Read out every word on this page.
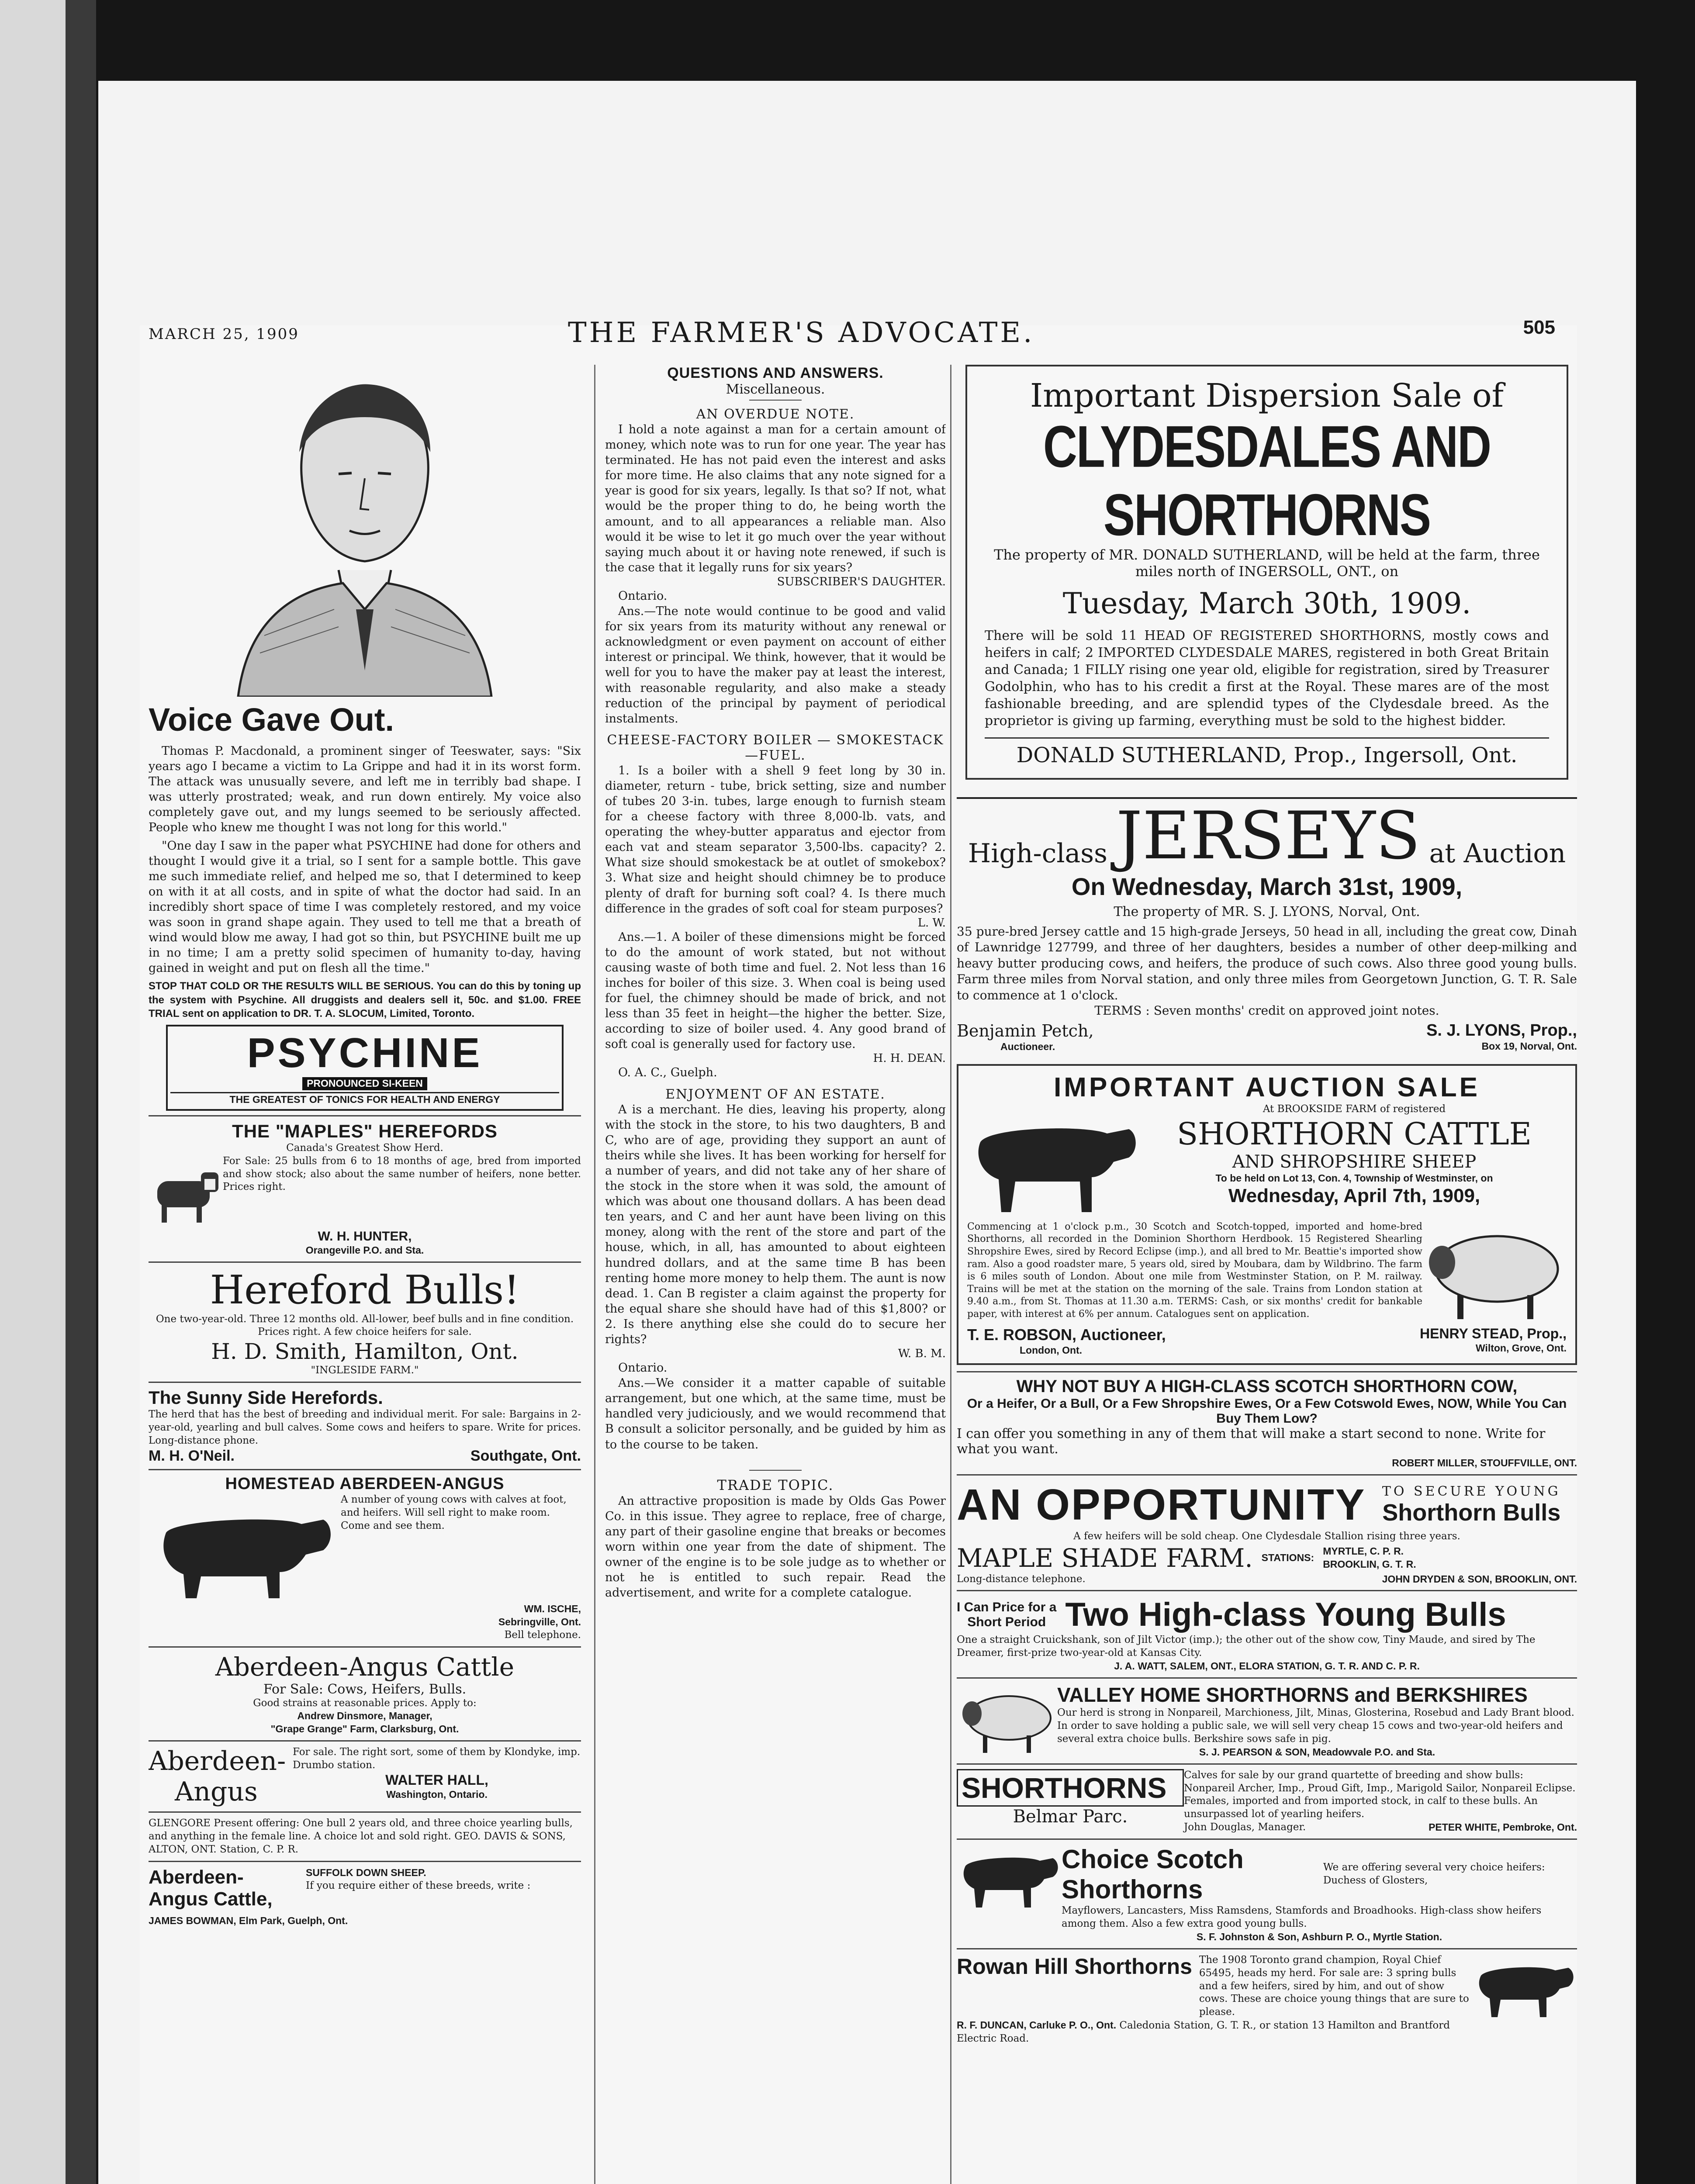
MARCH 25, 1909	THE FARMER'S ADVOCATE.	505
Voice Gave Out.

Thomas P. Macdonald, a prominent singer of Teeswater, says: "Six years ago I became a victim to La Grippe and had it in its worst form. The attack was unusually severe, and left me in terribly bad shape. I was utterly prostrated; weak, and run down entirely. My voice also completely gave out, and my lungs seemed to be seriously affected. People who knew me thought I was not long for this world."

"One day I saw in the paper what PSYCHINE had done for others and thought I would give it a trial, so I sent for a sample bottle. This gave me such immediate relief, and helped me so, that I determined to keep on with it at all costs, and in spite of what the doctor had said. In an incredibly short space of time I was completely restored, and my voice was soon in grand shape again. They used to tell me that a breath of wind would blow me away, I had got so thin, but PSYCHINE built me up in no time; I am a pretty solid specimen of humanity to-day, having gained in weight and put on flesh all the time."

STOP THAT COLD OR THE RESULTS WILL BE SERIOUS. You can do this by toning up the system with Psychine. All druggists and dealers sell it, 50c. and $1.00. FREE TRIAL sent on application to DR. T. A. SLOCUM, Limited, Toronto.

PSYCHINE
PRONOUNCED SI-KEEN
THE GREATEST OF TONICS FOR HEALTH AND ENERGY
THE "MAPLES" HEREFORDS
Canada's Greatest Show Herd.
For Sale: 25 bulls from 6 to 18 months of age, bred from imported and show stock; also about the same number of heifers, none better. Prices right.
W. H. HUNTER,
Orangeville P.O. and Sta.
Hereford Bulls!
One two-year-old. Three 12 months old. All-lower, beef bulls and in fine condition. Prices right. A few choice heifers for sale.
H. D. Smith, Hamilton, Ont.
"INGLESIDE FARM."
The Sunny Side Herefords.
The herd that has the best of breeding and individual merit. For sale: Bargains in 2-year-old, yearling and bull calves. Some cows and heifers to spare. Write for prices. Long-distance phone.
M. H. O'Neil.	Southgate, Ont.
HOMESTEAD ABERDEEN-ANGUS
A number of young cows with calves at foot, and heifers. Will sell right to make room. Come and see them.
WM. ISCHE,
Sebringville, Ont.
Bell telephone.
Aberdeen-Angus Cattle
For Sale: Cows, Heifers, Bulls.
Good strains at reasonable prices. Apply to:
Andrew Dinsmore, Manager,
"Grape Grange" Farm, Clarksburg, Ont.
Aberdeen-
Angus
For sale. The right sort, some of them by Klondyke, imp. Drumbo station.
WALTER HALL,
Washington, Ontario.
GLENGORE Present offering: One bull 2 years old, and three choice yearling bulls, and anything in the female line. A choice lot and sold right. GEO. DAVIS & SONS, ALTON, ONT. Station, C. P. R.
Aberdeen-
Angus Cattle,
SUFFOLK DOWN SHEEP.
If you require either of these breeds, write :
JAMES BOWMAN, Elm Park, Guelph, Ont.
QUESTIONS AND ANSWERS.
Miscellaneous.
AN OVERDUE NOTE.

I hold a note against a man for a certain amount of money, which note was to run for one year. The year has terminated. He has not paid even the interest and asks for more time. He also claims that any note signed for a year is good for six years, legally. Is that so? If not, what would be the proper thing to do, he being worth the amount, and to all appearances a reliable man. Also would it be wise to let it go much over the year without saying much about it or having note renewed, if such is the case that it legally runs for six years?

SUBSCRIBER'S DAUGHTER.
Ontario.

Ans.—The note would continue to be good and valid for six years from its maturity without any renewal or acknowledgment or even payment on account of either interest or principal. We think, however, that it would be well for you to have the maker pay at least the interest, with reasonable regularity, and also make a steady reduction of the principal by payment of periodical instalments.

CHEESE-FACTORY BOILER — SMOKESTACK—FUEL.

1. Is a boiler with a shell 9 feet long by 30 in. diameter, return - tube, brick setting, size and number of tubes 20 3-in. tubes, large enough to furnish steam for a cheese factory with three 8,000-lb. vats, and operating the whey-butter apparatus and ejector from each vat and steam separator 3,500-lbs. capacity? 2. What size should smokestack be at outlet of smokebox? 3. What size and height should chimney be to produce plenty of draft for burning soft coal? 4. Is there much difference in the grades of soft coal for steam purposes?

L. W.

Ans.—1. A boiler of these dimensions might be forced to do the amount of work stated, but not without causing waste of both time and fuel. 2. Not less than 16 inches for boiler of this size. 3. When coal is being used for fuel, the chimney should be made of brick, and not less than 35 feet in height—the higher the better. Size, according to size of boiler used. 4. Any good brand of soft coal is generally used for factory use.

H. H. DEAN.
O. A. C., Guelph.
ENJOYMENT OF AN ESTATE.

A is a merchant. He dies, leaving his property, along with the stock in the store, to his two daughters, B and C, who are of age, providing they support an aunt of theirs while she lives. It has been working for herself for a number of years, and did not take any of her share of the stock in the store when it was sold, the amount of which was about one thousand dollars. A has been dead ten years, and C and her aunt have been living on this money, along with the rent of the store and part of the house, which, in all, has amounted to about eighteen hundred dollars, and at the same time B has been renting home more money to help them. The aunt is now dead. 1. Can B register a claim against the property for the equal share she should have had of this $1,800? or 2. Is there anything else she could do to secure her rights?

W. B. M.
Ontario.

Ans.—We consider it a matter capable of suitable arrangement, but one which, at the same time, must be handled very judiciously, and we would recommend that B consult a solicitor personally, and be guided by him as to the course to be taken.

TRADE TOPIC.

An attractive proposition is made by Olds Gas Power Co. in this issue. They agree to replace, free of charge, any part of their gasoline engine that breaks or becomes worn within one year from the date of shipment. The owner of the engine is to be sole judge as to whether or not he is entitled to such repair. Read the advertisement, and write for a complete catalogue.

Important Dispersion Sale of
CLYDESDALES AND SHORTHORNS
The property of MR. DONALD SUTHERLAND, will be held at the farm, three miles north of INGERSOLL, ONT., on
Tuesday, March 30th, 1909.
There will be sold 11 HEAD OF REGISTERED SHORTHORNS, mostly cows and heifers in calf; 2 IMPORTED CLYDESDALE MARES, registered in both Great Britain and Canada; 1 FILLY rising one year old, eligible for registration, sired by Treasurer Godolphin, who has to his credit a first at the Royal. These mares are of the most fashionable breeding, and are splendid types of the Clydesdale breed. As the proprietor is giving up farming, everything must be sold to the highest bidder.
DONALD SUTHERLAND, Prop., Ingersoll, Ont.
High-class JERSEYS at Auction
On Wednesday, March 31st, 1909,
The property of MR. S. J. LYONS, Norval, Ont.
35 pure-bred Jersey cattle and 15 high-grade Jerseys, 50 head in all, including the great cow, Dinah of Lawnridge 127799, and three of her daughters, besides a number of other deep-milking and heavy butter producing cows, and heifers, the produce of such cows. Also three good young bulls. Farm three miles from Norval station, and only three miles from Georgetown Junction, G. T. R. Sale to commence at 1 o'clock.
TERMS : Seven months' credit on approved joint notes.
Benjamin Petch,
Auctioneer.
S. J. LYONS, Prop.,
Box 19, Norval, Ont.
IMPORTANT AUCTION SALE
At BROOKSIDE FARM of registered
SHORTHORN CATTLE
AND SHROPSHIRE SHEEP
To be held on Lot 13, Con. 4, Township of Westminster, on
Wednesday, April 7th, 1909,
Commencing at 1 o'clock p.m., 30 Scotch and Scotch-topped, imported and home-bred Shorthorns, all recorded in the Dominion Shorthorn Herdbook. 15 Registered Shearling Shropshire Ewes, sired by Record Eclipse (imp.), and all bred to Mr. Beattie's imported show ram. Also a good roadster mare, 5 years old, sired by Moubara, dam by Wildbrino. The farm is 6 miles south of London. About one mile from Westminster Station, on P. M. railway. Trains will be met at the station on the morning of the sale. Trains from London station at 9.40 a.m., from St. Thomas at 11.30 a.m. TERMS: Cash, or six months' credit for bankable paper, with interest at 6% per annum. Catalogues sent on application.
T. E. ROBSON, Auctioneer,
London, Ont.
HENRY STEAD, Prop.,
Wilton, Grove, Ont.
WHY NOT BUY A HIGH-CLASS SCOTCH SHORTHORN COW,
Or a Heifer, Or a Bull, Or a Few Shropshire Ewes, Or a Few Cotswold Ewes, NOW, While You Can Buy Them Low?
I can offer you something in any of them that will make a start second to none. Write for what you want.
ROBERT MILLER, STOUFFVILLE, ONT.
AN OPPORTUNITY	TO SECURE YOUNG
Shorthorn Bulls
A few heifers will be sold cheap. One Clydesdale Stallion rising three years.
MAPLE SHADE FARM. STATIONS:
MYRTLE, C. P. R.
BROOKLIN, G. T. R.
Long-distance telephone.	JOHN DRYDEN & SON, BROOKLIN, ONT.
I Can Price for a
Short Period Two High-class Young Bulls
One a straight Cruickshank, son of Jilt Victor (imp.); the other out of the show cow, Tiny Maude, and sired by The Dreamer, first-prize two-year-old at Kansas City.
J. A. WATT, SALEM, ONT., ELORA STATION, G. T. R. AND C. P. R.
VALLEY HOME SHORTHORNS and BERKSHIRES
Our herd is strong in Nonpareil, Marchioness, Jilt, Minas, Glosterina, Rosebud and Lady Brant blood. In order to save holding a public sale, we will sell very cheap 15 cows and two-year-old heifers and several extra choice bulls. Berkshire sows safe in pig.
S. J. PEARSON & SON, Meadowvale P.O. and Sta.
SHORTHORNS
Belmar Parc.
Calves for sale by our grand quartette of breeding and show bulls: Nonpareil Archer, Imp., Proud Gift, Imp., Marigold Sailor, Nonpareil Eclipse. Females, imported and from imported stock, in calf to these bulls. An unsurpassed lot of yearling heifers.
John Douglas, Manager.	PETER WHITE, Pembroke, Ont.
Choice Scotch Shorthorns
We are offering several very choice heifers: Duchess of Glosters,
Mayflowers, Lancasters, Miss Ramsdens, Stamfords and Broadhooks. High-class show heifers among them. Also a few extra good young bulls.
S. F. Johnston & Son, Ashburn P. O., Myrtle Station.
Rowan Hill Shorthorns The 1908 Toronto grand champion, Royal Chief 65495, heads my herd. For sale are: 3 spring bulls and a few heifers, sired by him, and out of show cows. These are choice young things that are sure to please.
R. F. DUNCAN, Carluke P. O., Ont. Caledonia Station, G. T. R., or station 13 Hamilton and Brantford Electric Road.
